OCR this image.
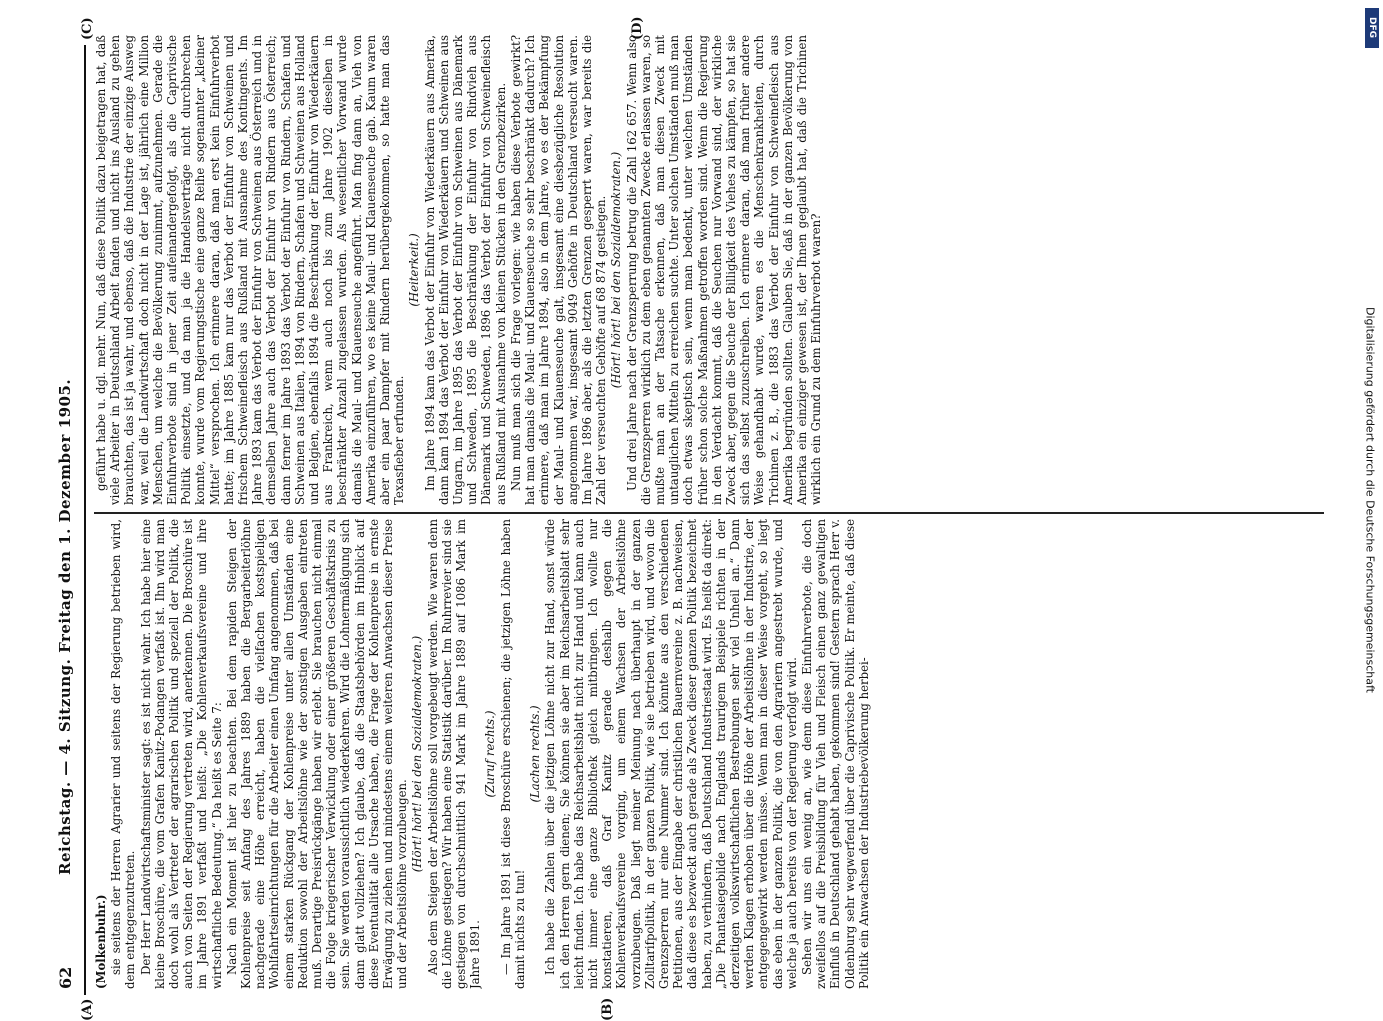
62
Reichstag. — 4. Sitzung. Freitag den 1. Dezember 1905.
(A)	(B)
(C)	(D)

(Molkenbuhr.) sie seitens der Herren Agrarier und seitens der Regierung betrieben wird, dem entgegenzutreten. Der Herr Landwirtschaftsminister sagt: es ist nicht wahr. Ich habe hier eine kleine Broschüre, die vom Grafen Kanitz-Podangen verfaßt ist. Ihn wird man doch wohl als Vertreter der agrarischen Politik und speziell der Politik, die auch von Seiten der Regierung vertreten wird, anerkennen. Die Broschüre ist im Jahre 1891 verfaßt und heißt: „Die Kohlenverkaufsvereine und ihre wirtschaftliche Bedeutung.“ Da heißt es Seite 7: Nach ein Moment ist hier zu beachten. Bei dem rapiden Steigen der Kohlenpreise seit Anfang des Jahres 1889 haben die Bergarbeiterlöhne nachgerade eine Höhe erreicht, haben die vielfachen kostspieligen Wohlfahrtseinrichtungen für die Arbeiter einen Umfang angenommen, daß bei einem starken Rückgang der Kohlenpreise unter allen Umständen eine Reduktion sowohl der Arbeitslöhne wie der sonstigen Ausgaben eintreten muß. Derartige Preisrückgänge haben wir erlebt. Sie brauchen nicht einmal die Folge kriegerischer Verwicklung oder einer größeren Geschäftskrisis zu sein. Sie werden voraussichtlich wiederkehren. Wird die Lohnermäßigung sich dann glatt vollziehen? Ich glaube, daß die Staatsbehörden im Hinblick auf diese Eventualität alle Ursache haben, die Frage der Kohlenpreise in ernste Erwägung zu ziehen und mindestens einem weiteren Anwachsen dieser Preise und der Arbeitslöhne vorzubeugen.

(Hört! hört! bei den Sozialdemokraten.) Also dem Steigen der Arbeitslöhne soll vorgebeugt werden. Wie waren denn die Löhne gestiegen? Wir haben eine Statistik darüber. Im Ruhrrevier sind sie gestiegen von durchschnittlich 941 Mark im Jahre 1889 auf 1086 Mark im Jahre 1891.

(Zuruf rechts.) — Im Jahre 1891 ist diese Broschüre erschienen; die jetzigen Löhne haben damit nichts zu tun!

(Lachen rechts.) Ich habe die Zahlen über die jetzigen Löhne nicht zur Hand, sonst würde ich den Herren gern dienen; Sie können sie aber im Reichsarbeitsblatt sehr leicht finden. Ich habe das Reichsarbeitsblatt nicht zur Hand und kann auch nicht immer eine ganze Bibliothek gleich mitbringen. Ich wollte nur konstatieren, daß Graf Kanitz gerade deshalb gegen die Kohlenverkaufsvereine vorging, um einem Wachsen der Arbeitslöhne vorzubeugen. Daß liegt meiner Meinung nach überhaupt in der ganzen Zolltarifpolitik, in der ganzen Politik, wie sie betrieben wird, und wovon die Grenzsperren nur eine Nummer sind. Ich könnte aus den verschiedenen Petitionen, aus der Eingabe der christlichen Bauernvereine z. B. nachweisen, daß diese es bezweckt auch gerade als Zweck dieser ganzen Politik bezeichnet haben, zu verhindern, daß Deutschland Industriestaat wird. Es heißt da direkt: „Die Phantasiegebilde nach Englands traurigem Beispiele richten in der derzeitigen volkswirtschaftlichen Bestrebungen sehr viel Unheil an.“ Dann werden Klagen erhoben über die Höhe der Arbeitslöhne in der Industrie, der entgegengewirkt werden müsse. Wenn man in dieser Weise vorgeht, so liegt das eben in der ganzen Politik, die von den Agrariern angestrebt wurde, und welche ja auch bereits von der Regierung verfolgt wird. Sehen wir uns ein wenig an, wie denn diese Einfuhrverbote, die doch zweifellos auf die Preisbildung für Vieh und Fleisch einen ganz gewaltigen Einfluß in Deutschland gehabt haben, gekommen sind! Gestern sprach Herr v. Oldenburg sehr wegwerfend über die Caprivische Politik. Er meinte, daß diese Politik ein Anwachsen der Industriebevölkerung herbei-

geführt habe u. dgl. mehr. Nun, daß diese Politik dazu beigetragen hat, daß viele Arbeiter in Deutschland Arbeit fanden und nicht ins Ausland zu gehen brauchten, das ist ja wahr, und ebenso, daß die Industrie der einzige Ausweg war, weil die Landwirtschaft doch nicht in der Lage ist, jährlich eine Million Menschen, um welche die Bevölkerung zunimmt, aufzunehmen. Gerade die Einfuhrverbote sind in jener Zeit aufeinandergefolgt, als die Caprivische Politik einsetzte, und da man ja die Handelsverträge nicht durchbrechen konnte, wurde vom Regierungstische eine ganze Reihe sogenannter „kleiner Mittel“ versprochen. Ich erinnere daran, daß man erst kein Einfuhrverbot hatte; im Jahre 1885 kam nur das Verbot der Einfuhr von Schweinen und frischem Schweinefleisch aus Rußland mit Ausnahme des Kontingents. Im Jahre 1893 kam das Verbot der Einfuhr von Schweinen aus Österreich und in demselben Jahre auch das Verbot der Einfuhr von Rindern aus Österreich; dann ferner im Jahre 1893 das Verbot der Einfuhr von Rindern, Schafen und Schweinen aus Italien, 1894 von Rindern, Schafen und Schweinen aus Holland und Belgien, ebenfalls 1894 die Beschränkung der Einfuhr von Wiederkäuern aus Frankreich, wenn auch noch bis zum Jahre 1902 dieselben in beschränkter Anzahl zugelassen wurden. Als wesentlicher Vorwand wurde damals die Maul- und Klauenseuche angeführt. Man fing dann an, Vieh von Amerika einzuführen, wo es keine Maul- und Klauenseuche gab. Kaum waren aber ein paar Dampfer mit Rindern herübergekommen, so hatte man das Texasfieber erfunden.

(Heiterkeit.) Im Jahre 1894 kam das Verbot der Einfuhr von Wiederkäuern aus Amerika, dann kam 1894 das Verbot der Einfuhr von Wiederkäuern und Schweinen aus Ungarn, im Jahre 1895 das Verbot der Einfuhr von Schweinen aus Dänemark und Schweden, 1895 die Beschränkung der Einfuhr von Rindvieh aus Dänemark und Schweden, 1896 das Verbot der Einfuhr von Schweinefleisch aus Rußland mit Ausnahme von kleinen Stücken in den Grenzbezirken. Nun muß man sich die Frage vorlegen: wie haben diese Verbote gewirkt? hat man damals die Maul- und Klauenseuche so sehr beschränkt dadurch? Ich erinnere, daß man im Jahre 1894, also in dem Jahre, wo es der Bekämpfung der Maul- und Klauenseuche galt, insgesamt eine diesbezügliche Resolution angenommen war, insgesamt 9049 Gehöfte in Deutschland verseucht waren. Im Jahre 1896 aber, als die letzten Grenzen gesperrt waren, war bereits die Zahl der verseuchten Gehöfte auf 68 874 gestiegen. (Hört! hört! bei den Sozialdemokraten.) Und drei Jahre nach der Grenzsperrung betrug die Zahl 162 657. Wenn also die Grenzsperren wirklich zu dem eben genannten Zwecke erlassen waren, so mußte man an der Tatsache erkennen, daß man diesen Zweck mit untauglichen Mitteln zu erreichen suchte. Unter solchen Umständen muß man doch etwas skeptisch sein, wenn man bedenkt, unter welchen Umständen früher schon solche Maßnahmen getroffen worden sind. Wenn die Regierung in den Verdacht kommt, daß die Seuchen nur Vorwand sind, der wirkliche Zweck aber, gegen die Seuche der Billigkeit des Viehes zu kämpfen, so hat sie sich das selbst zuzuschreiben. Ich erinnere daran, daß man früher andere Weise gehandhabt wurde, waren es die Menschenkrankheiten, durch Trichinen z. B., die 1883 das Verbot der Einfuhr von Schweinefleisch aus Amerika begründen sollten. Glauben Sie, daß in der ganzen Bevölkerung von Amerika ein einziger gewesen ist, der Ihnen geglaubt hat, daß die Trichinen wirklich ein Grund zu dem Einfuhrverbot waren?

DFG
Digitalisierung gefördert durch die Deutsche Forschungsgemeinschaft
